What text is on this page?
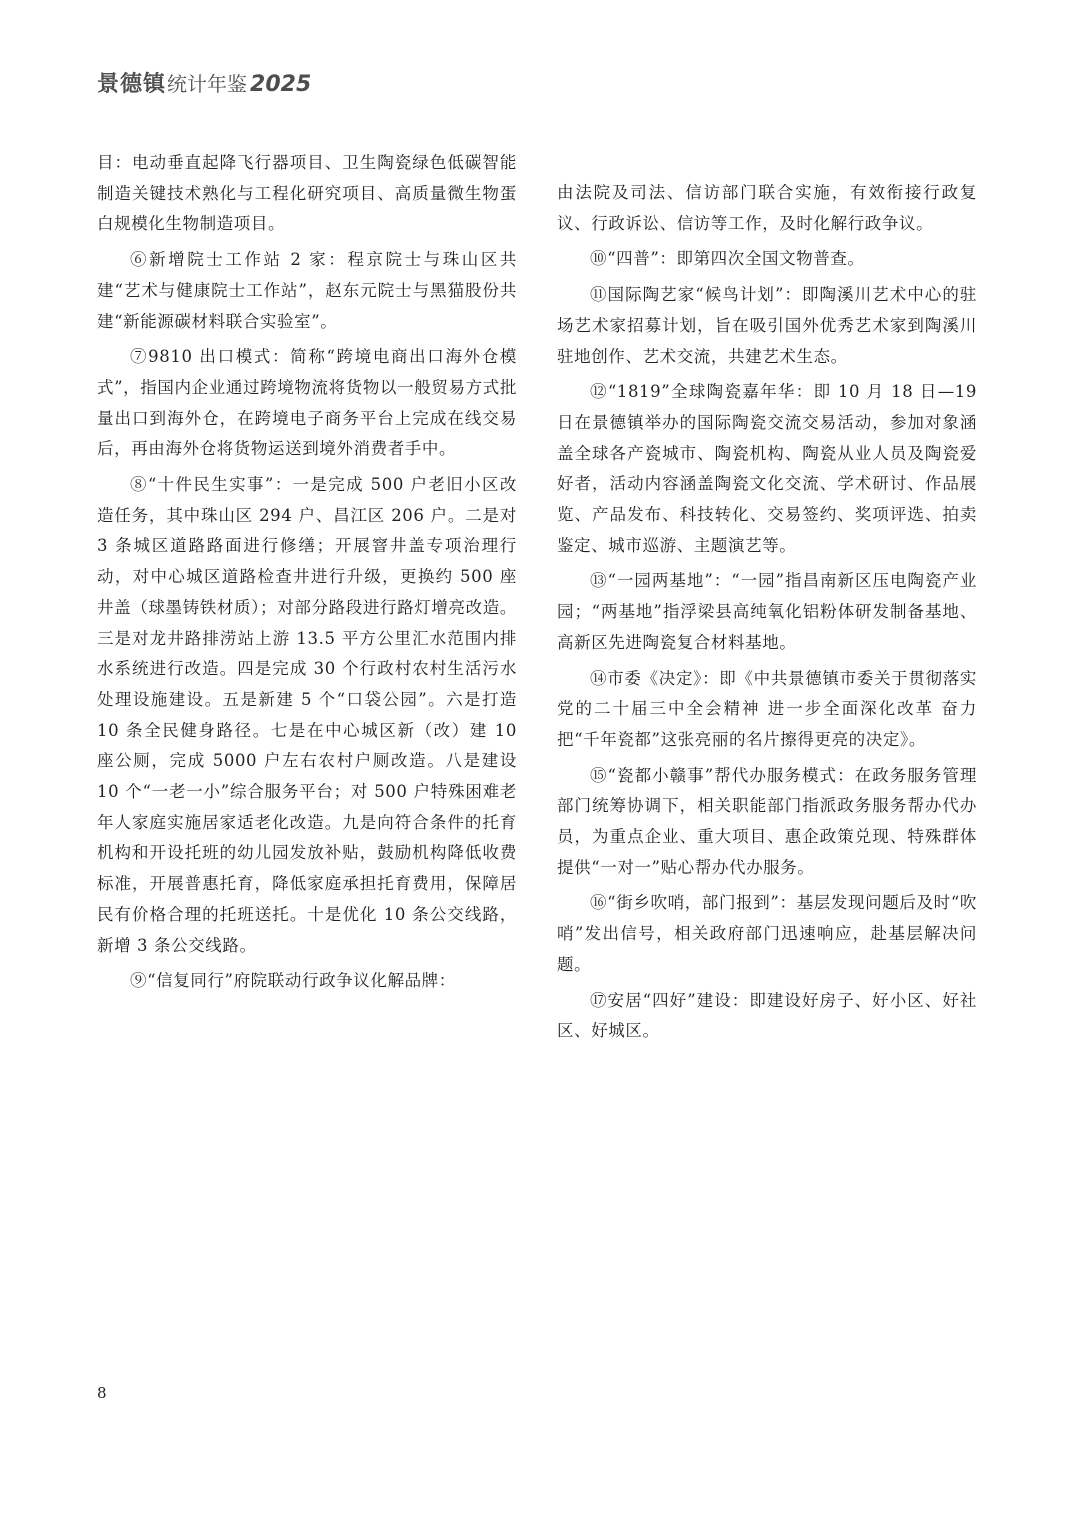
景德镇统计年鉴 2025

目：电动垂直起降飞行器项目、卫生陶瓷绿色低碳智能制造关键技术熟化与工程化研究项目、高质量微生物蛋白规模化生物制造项目。

⑥新增院士工作站 2 家：程京院士与珠山区共建“艺术与健康院士工作站”，赵东元院士与黑猫股份共建“新能源碳材料联合实验室”。

⑦9810 出口模式：简称“跨境电商出口海外仓模式”，指国内企业通过跨境物流将货物以一般贸易方式批量出口到海外仓，在跨境电子商务平台上完成在线交易后，再由海外仓将货物运送到境外消费者手中。

⑧“十件民生实事”：一是完成 500 户老旧小区改造任务，其中珠山区 294 户、昌江区 206 户。二是对 3 条城区道路路面进行修缮；开展窨井盖专项治理行动，对中心城区道路检查井进行升级，更换约 500 座井盖（球墨铸铁材质）；对部分路段进行路灯增亮改造。三是对龙井路排涝站上游 13.5 平方公里汇水范围内排水系统进行改造。四是完成 30 个行政村农村生活污水处理设施建设。五是新建 5 个“口袋公园”。六是打造 10 条全民健身路径。七是在中心城区新（改）建 10 座公厕，完成 5000 户左右农村户厕改造。八是建设 10 个“一老一小”综合服务平台；对 500 户特殊困难老年人家庭实施居家适老化改造。九是向符合条件的托育机构和开设托班的幼儿园发放补贴，鼓励机构降低收费标准，开展普惠托育，降低家庭承担托育费用，保障居民有价格合理的托班送托。十是优化 10 条公交线路，新增 3 条公交线路。

⑨“信复同行”府院联动行政争议化解品牌：

由法院及司法、信访部门联合实施，有效衔接行政复议、行政诉讼、信访等工作，及时化解行政争议。

⑩“四普”：即第四次全国文物普查。

⑪国际陶艺家“候鸟计划”：即陶溪川艺术中心的驻场艺术家招募计划，旨在吸引国外优秀艺术家到陶溪川驻地创作、艺术交流，共建艺术生态。

⑫“1819”全球陶瓷嘉年华：即 10 月 18 日—19 日在景德镇举办的国际陶瓷交流交易活动，参加对象涵盖全球各产瓷城市、陶瓷机构、陶瓷从业人员及陶瓷爱好者，活动内容涵盖陶瓷文化交流、学术研讨、作品展览、产品发布、科技转化、交易签约、奖项评选、拍卖鉴定、城市巡游、主题演艺等。

⑬“一园两基地”：“一园”指昌南新区压电陶瓷产业园；“两基地”指浮梁县高纯氧化铝粉体研发制备基地、高新区先进陶瓷复合材料基地。

⑭市委《决定》：即《中共景德镇市委关于贯彻落实党的二十届三中全会精神 进一步全面深化改革 奋力把“千年瓷都”这张亮丽的名片擦得更亮的决定》。

⑮“瓷都小赣事”帮代办服务模式：在政务服务管理部门统筹协调下，相关职能部门指派政务服务帮办代办员，为重点企业、重大项目、惠企政策兑现、特殊群体提供“一对一”贴心帮办代办服务。

⑯“街乡吹哨，部门报到”：基层发现问题后及时“吹哨”发出信号，相关政府部门迅速响应，赴基层解决问题。

⑰安居“四好”建设：即建设好房子、好小区、好社区、好城区。

8
